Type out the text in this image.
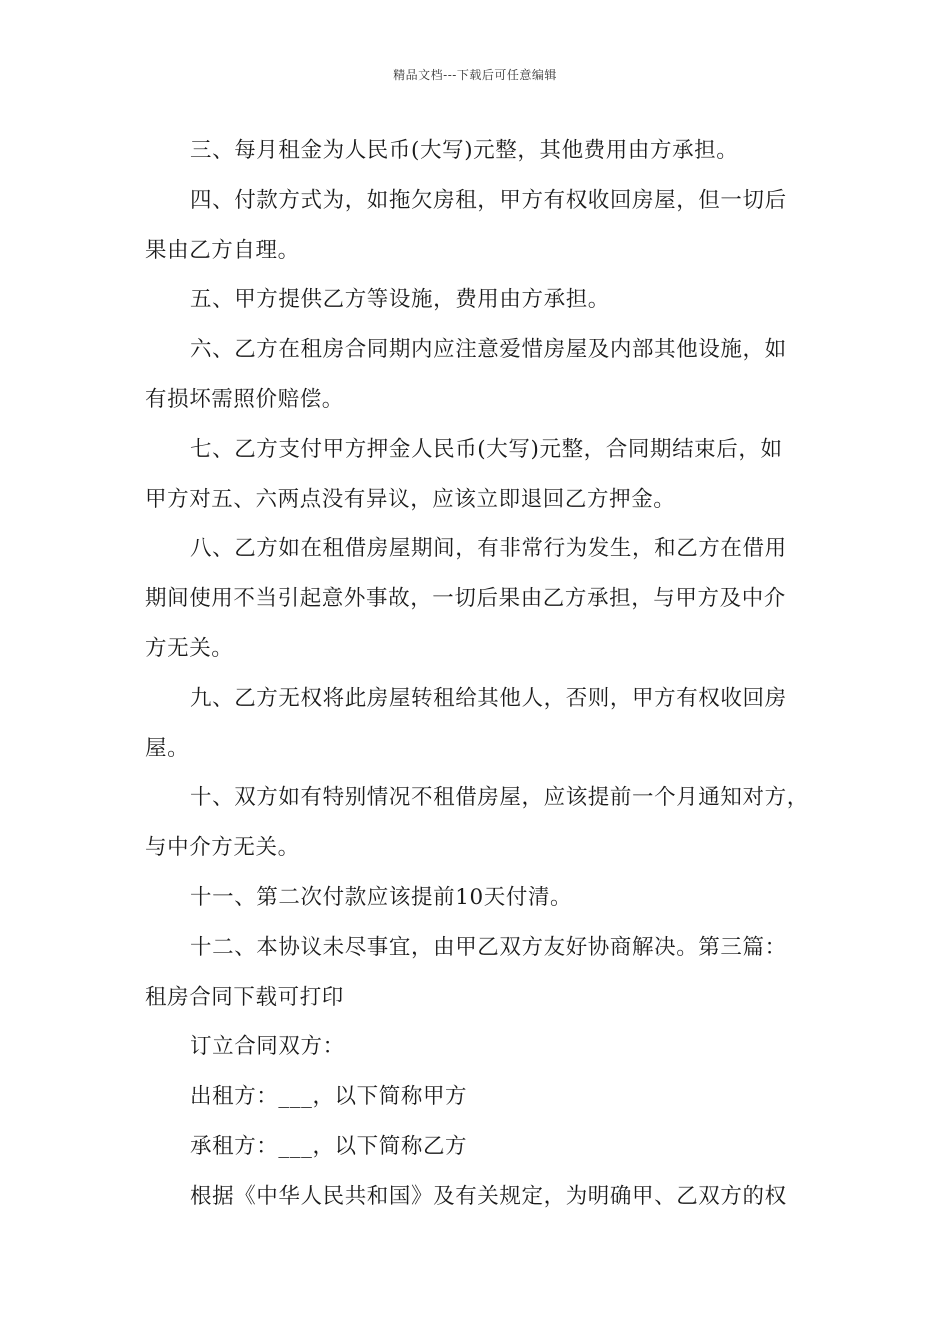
精品文档---下载后可任意编辑
三、每月租金为人民币(大写)元整，其他费用由方承担。
四、付款方式为，如拖欠房租，甲方有权收回房屋，但一切后
果由乙方自理。
五、甲方提供乙方等设施，费用由方承担。
六、乙方在租房合同期内应注意爱惜房屋及内部其他设施，如
有损坏需照价赔偿。
七、乙方支付甲方押金人民币(大写)元整，合同期结束后，如
甲方对五、六两点没有异议，应该立即退回乙方押金。
八、乙方如在租借房屋期间，有非常行为发生，和乙方在借用
期间使用不当引起意外事故，一切后果由乙方承担，与甲方及中介
方无关。
九、乙方无权将此房屋转租给其他人，否则，甲方有权收回房
屋。
十、双方如有特别情况不租借房屋，应该提前一个月通知对方，
与中介方无关。
十一、第二次付款应该提前10天付清。
十二、本协议未尽事宜，由甲乙双方友好协商解决。第三篇：
租房合同下载可打印
订立合同双方：
出租方：___，以下简称甲方
承租方：___，以下简称乙方
根据《中华人民共和国》及有关规定，为明确甲、乙双方的权
